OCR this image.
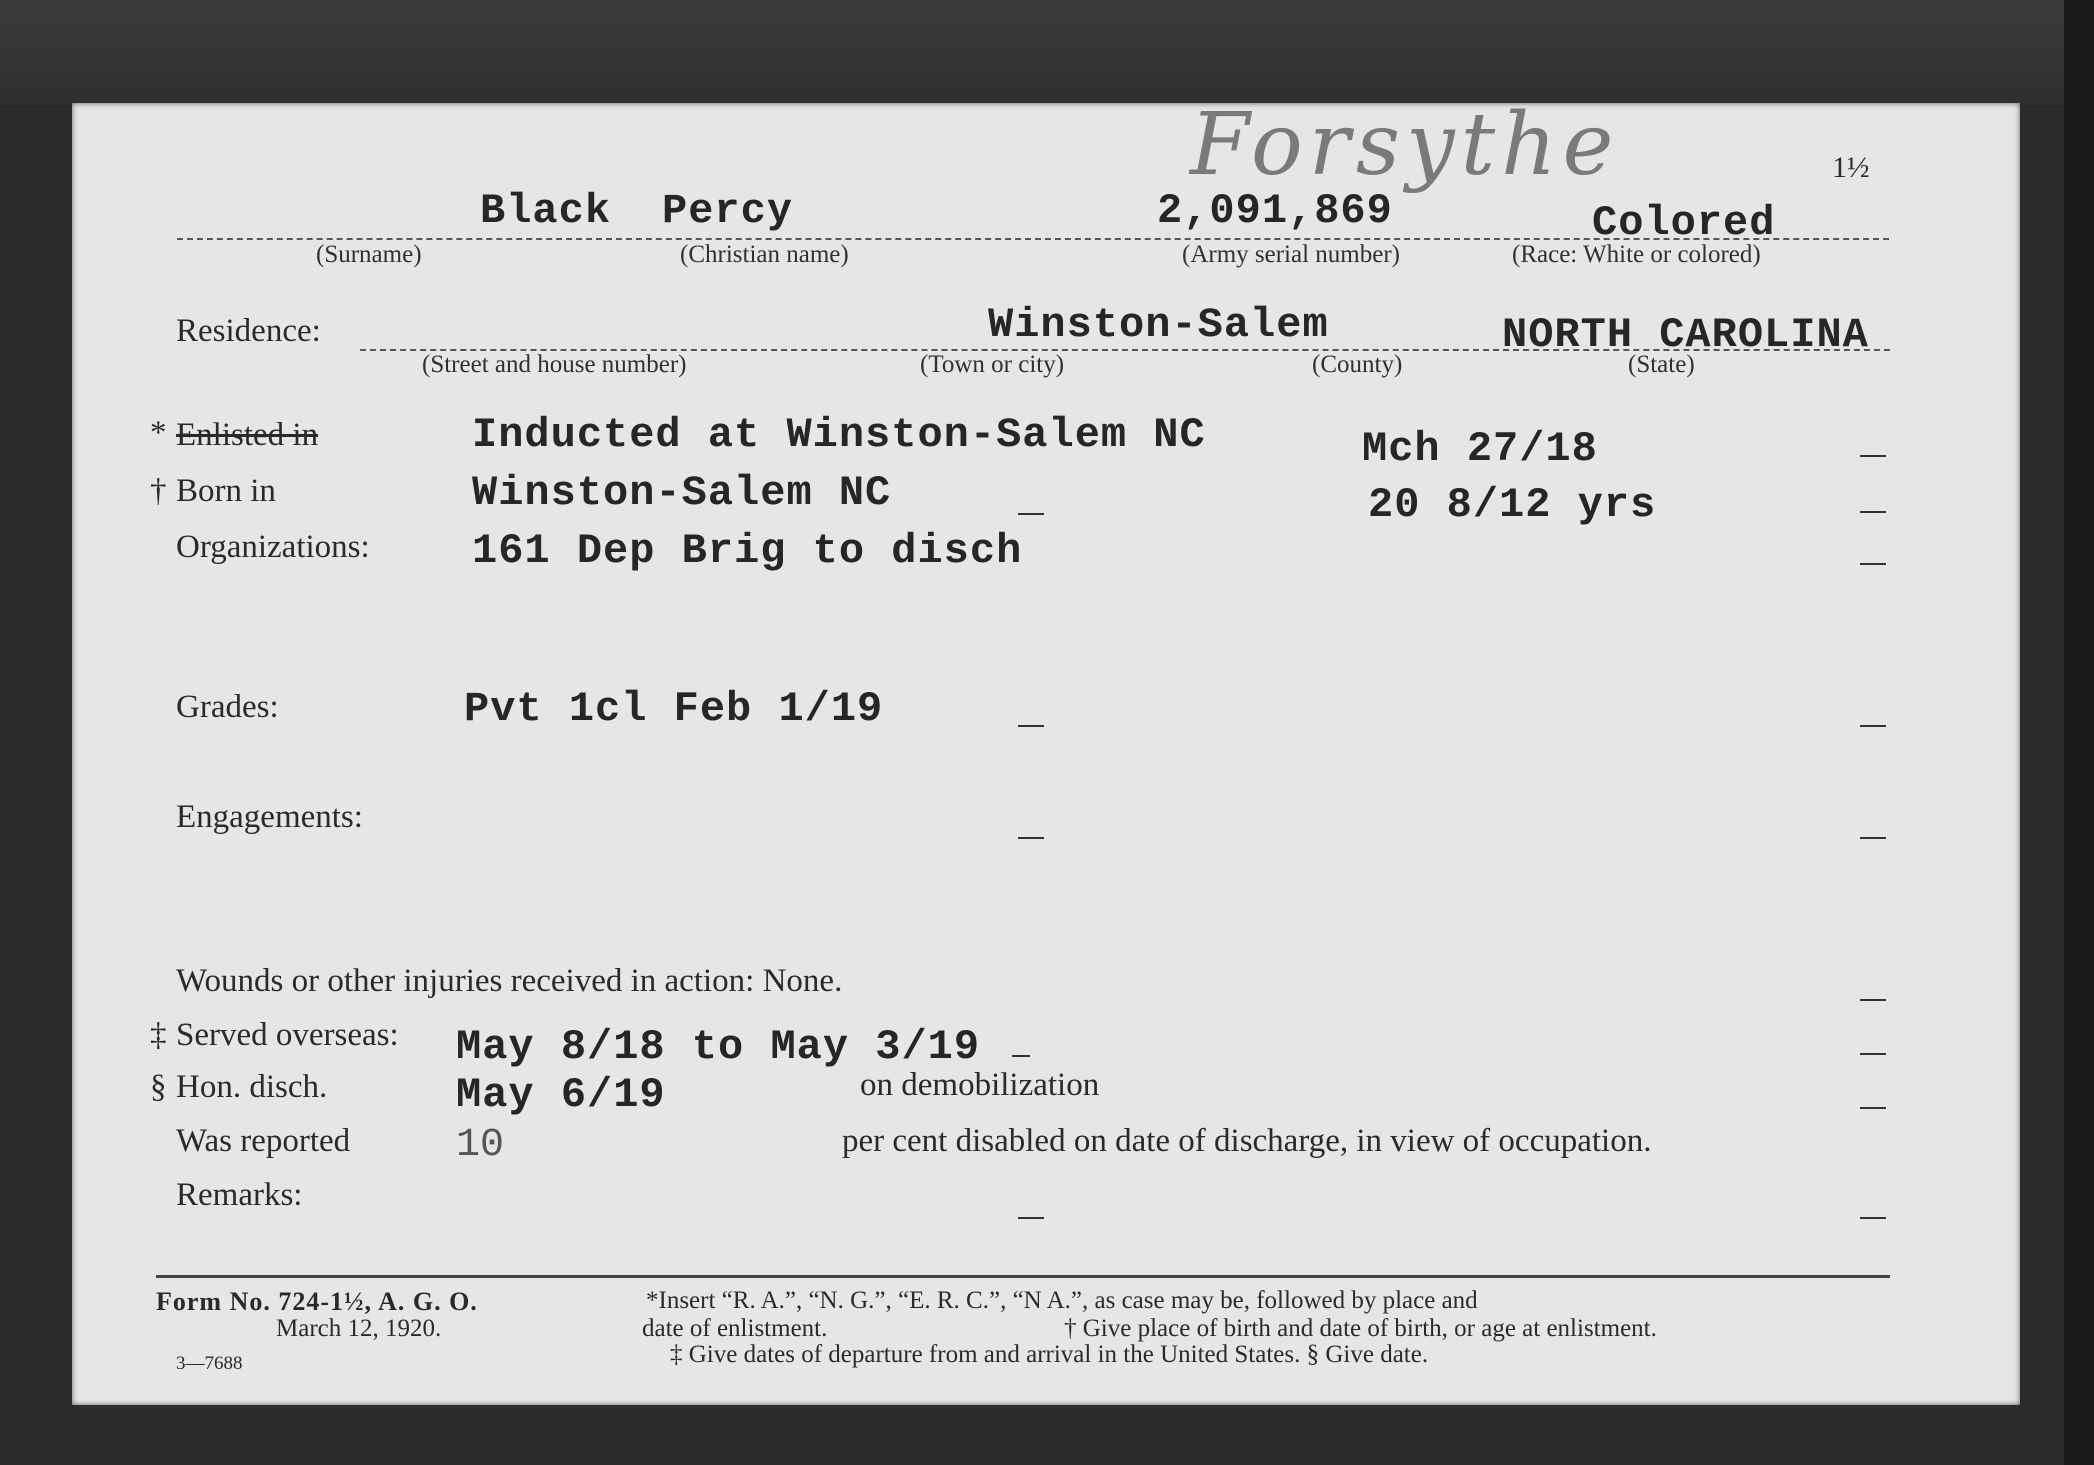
Forsythe	1½
Black Percy	2,091,869	Colored
(Surname)	(Christian name)	(Army serial number)	(Race: White or colored)
Residence:	Winston-Salem	NORTH CAROLINA
(Street and house number)	(Town or city)	(County)	(State)
* Enlisted in	Inducted at Winston-Salem NC	Mch 27/18
† Born in	Winston-Salem NC	20 8/12 yrs
Organizations: 161 Dep Brig to disch
Grades:	Pvt 1cl Feb 1/19
Engagements:
Wounds or other injuries received in action: None.
‡ Served overseas: May 8/18 to May 3/19
§ Hon. disch.	May 6/19	on demobilization
Was reported	10	per cent disabled on date of discharge, in view of occupation.
Remarks:
Form No. 724-1½, A. G. O.
March 12, 1920.
3—7688
*Insert “R. A.”, “N. G.”, “E. R. C.”, “N A.”, as case may be, followed by place and
date of enlistment.	† Give place of birth and date of birth, or age at enlistment.
‡ Give dates of departure from and arrival in the United States. § Give date.
